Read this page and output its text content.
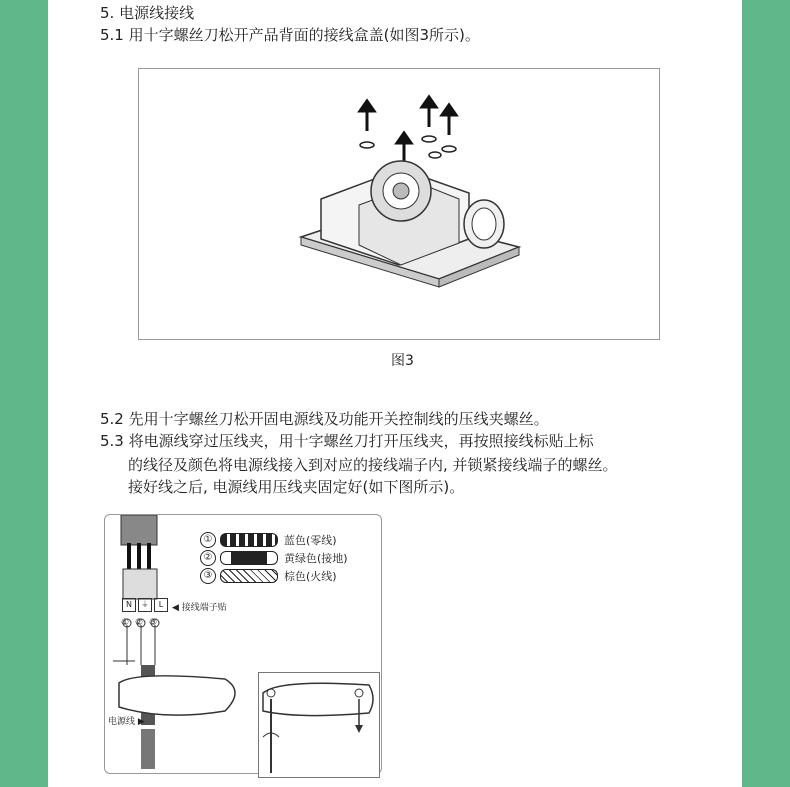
5. 电源线接线
5.1 用十字螺丝刀松开产品背面的接线盒盖(如图3所示)。
图3
5.2 先用十字螺丝刀松开固电源线及功能开关控制线的压线夹螺丝。
5.3 将电源线穿过压线夹，用十字螺丝刀打开压线夹，再按照接线标贴上标
的线径及颜色将电源线接入到对应的接线端子内, 并锁紧接线端子的螺丝。
接好线之后, 电源线用压线夹固定好(如下图所示)。
①	蓝色(零线)
②	黄绿色(接地)
③	棕色(火线)
N	⏚	L ◀ 接线端子贴
① ② ③
电源线 ▶
